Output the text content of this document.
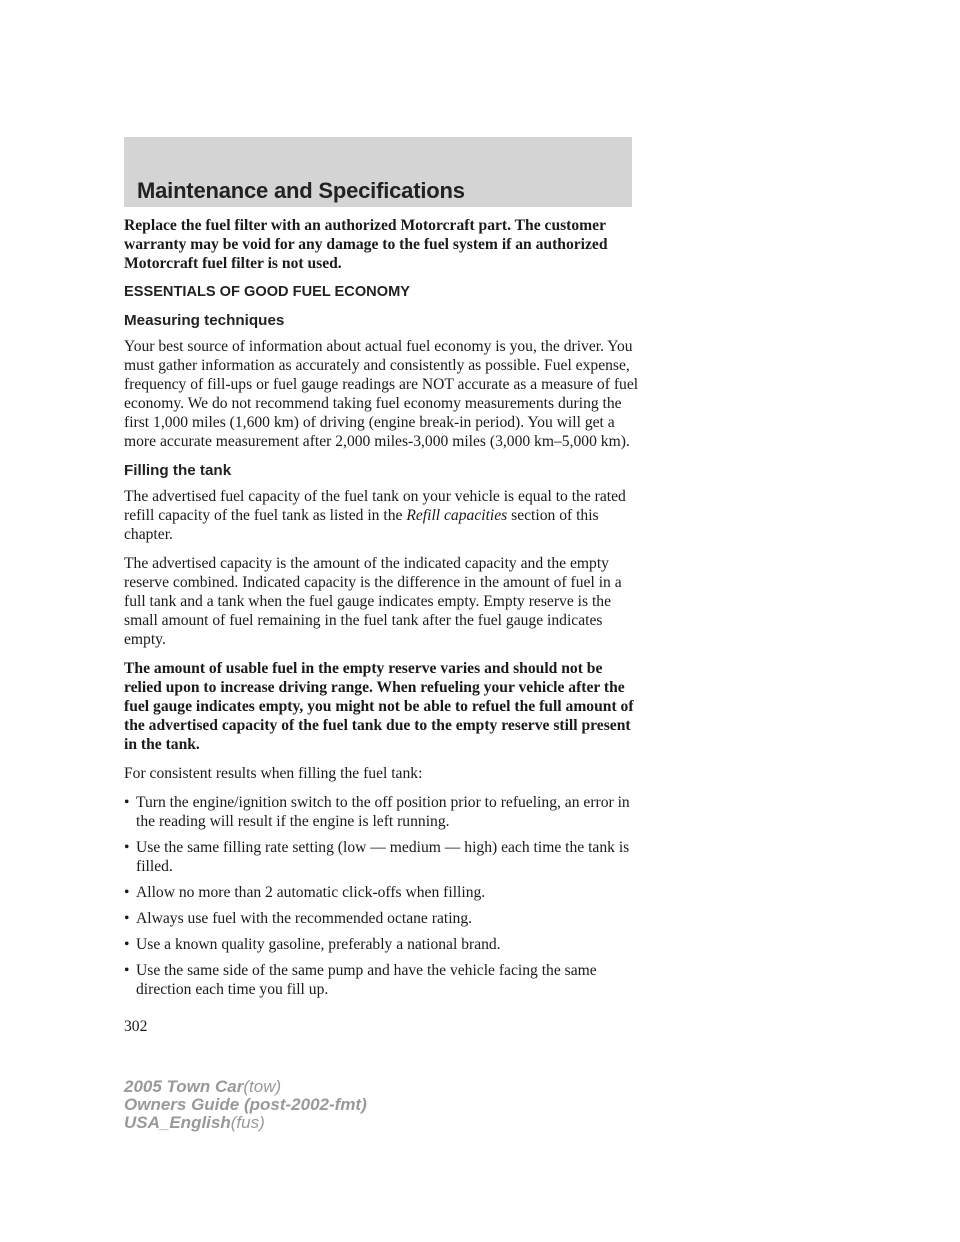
Maintenance and Specifications

Replace the fuel filter with an authorized Motorcraft part. The customer warranty may be void for any damage to the fuel system if an authorized Motorcraft fuel filter is not used.

ESSENTIALS OF GOOD FUEL ECONOMY
Measuring techniques

Your best source of information about actual fuel economy is you, the driver. You must gather information as accurately and consistently as possible. Fuel expense, frequency of fill-ups or fuel gauge readings are NOT accurate as a measure of fuel economy. We do not recommend taking fuel economy measurements during the first 1,000 miles (1,600 km) of driving (engine break-in period). You will get a more accurate measurement after 2,000 miles-3,000 miles (3,000 km–5,000 km).

Filling the tank

The advertised fuel capacity of the fuel tank on your vehicle is equal to the rated refill capacity of the fuel tank as listed in the Refill capacities section of this chapter.

The advertised capacity is the amount of the indicated capacity and the empty reserve combined. Indicated capacity is the difference in the amount of fuel in a full tank and a tank when the fuel gauge indicates empty. Empty reserve is the small amount of fuel remaining in the fuel tank after the fuel gauge indicates empty.

The amount of usable fuel in the empty reserve varies and should not be relied upon to increase driving range. When refueling your vehicle after the fuel gauge indicates empty, you might not be able to refuel the full amount of the advertised capacity of the fuel tank due to the empty reserve still present in the tank.

For consistent results when filling the fuel tank:

• Turn the engine/ignition switch to the off position prior to refueling, an error in the reading will result if the engine is left running.
• Use the same filling rate setting (low — medium — high) each time the tank is filled.
• Allow no more than 2 automatic click-offs when filling.
• Always use fuel with the recommended octane rating.
• Use a known quality gasoline, preferably a national brand.
• Use the same side of the same pump and have the vehicle facing the same direction each time you fill up.
302
2005 Town Car(tow)
Owners Guide (post-2002-fmt)
USA_English(fus)
